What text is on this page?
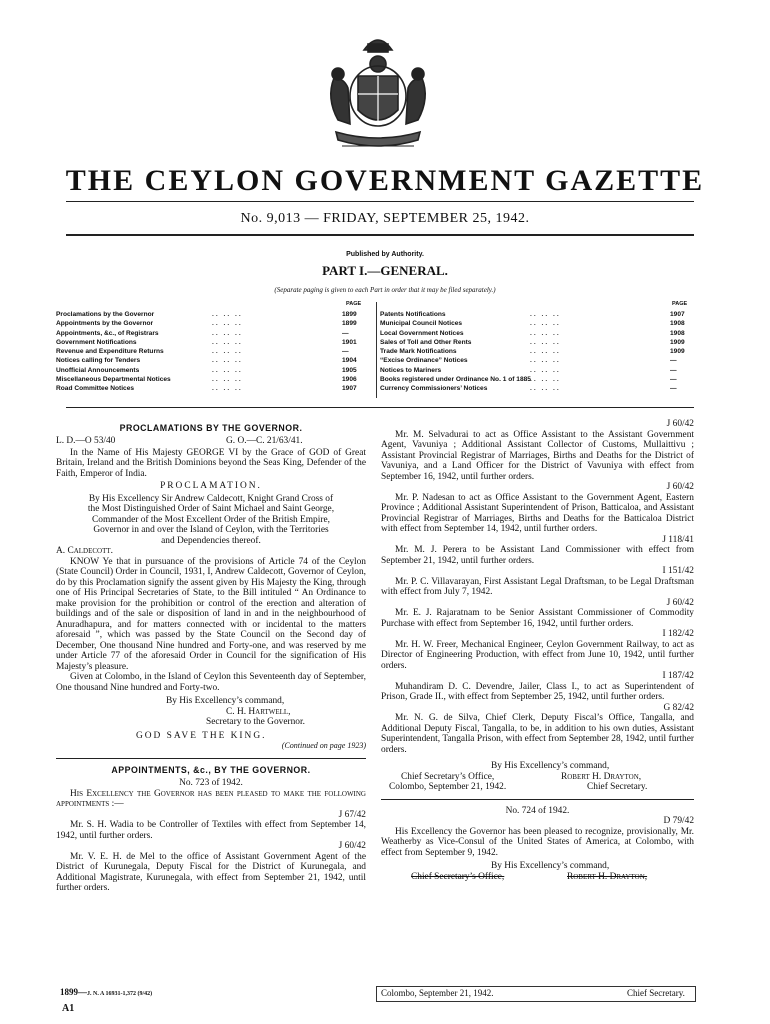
THE CEYLON GOVERNMENT GAZETTE
No. 9,013 — FRIDAY, SEPTEMBER 25, 1942.
Published by Authority.
PART I.—GENERAL.
(Separate paging is given to each Part in order that it may be filed separately.)
PAGE
Proclamations by the Governor	.. .. ..	1899
Appointments by the Governor	.. .. ..	1899
Appointments, &c., of Registrars	.. .. ..	—
Government Notifications	.. .. ..	1901
Revenue and Expenditure Returns	.. .. ..	—
Notices calling for Tenders	.. .. ..	1904
Unofficial Announcements	.. .. ..	1905
Miscellaneous Departmental Notices	.. .. ..	1906
Road Committee Notices	.. .. ..	1907
PAGE
Patents Notifications	.. .. ..	1907
Municipal Council Notices	.. .. ..	1908
Local Government Notices	.. .. ..	1908
Sales of Toll and Other Rents	.. .. ..	1909
Trade Mark Notifications	.. .. ..	1909
“Excise Ordinance” Notices	.. .. ..	—
Notices to Mariners	.. .. ..	—
Books registered under Ordinance No. 1 of 1885 .. .. ..	—
Currency Commissioners’ Notices	.. .. ..	—
PROCLAMATIONS BY THE GOVERNOR.
L. D.—O 53/40	G. O.—C. 21/63/41.

In the Name of His Majesty GEORGE VI by the Grace of GOD of Great Britain, Ireland and the British Dominions beyond the Seas King, Defender of the Faith, Emperor of India.

PROCLAMATION.
By His Excellency Sir Andrew Caldecott, Knight Grand Cross of the Most Distinguished Order of Saint Michael and Saint George, Commander of the Most Excellent Order of the British Empire, Governor in and over the Island of Ceylon, with the Territories and Dependencies thereof.
A. Caldecott.

KNOW Ye that in pursuance of the provisions of Article 74 of the Ceylon (State Council) Order in Council, 1931, I, Andrew Caldecott, Governor of Ceylon, do by this Proclamation signify the assent given by His Majesty the King, through one of His Principal Secretaries of State, to the Bill intituled “ An Ordinance to make provision for the prohibition or control of the erection and alteration of buildings and of the sale or disposition of land in and in the neighbourhood of Anuradhapura, and for matters connected with or incidental to the matters aforesaid ”, which was passed by the State Council on the Second day of December, One thousand Nine hundred and Forty-one, and was reserved by me under Article 77 of the aforesaid Order in Council for the signification of His Majesty’s pleasure.

Given at Colombo, in the Island of Ceylon this Seventeenth day of September, One thousand Nine hundred and Forty-two.

By His Excellency’s command,
C. H. Hartwell,
Secretary to the Governor.
GOD SAVE THE KING.
(Continued on page 1923)
APPOINTMENTS, &c., BY THE GOVERNOR.
No. 723 of 1942.

His Excellency the Governor has been pleased to make the following appointments :—

J 67/42

Mr. S. H. Wadia to be Controller of Textiles with effect from September 14, 1942, until further orders.

J 60/42

Mr. V. E. H. de Mel to the office of Assistant Government Agent of the District of Kurunegala, Deputy Fiscal for the District of Kurunegala, and Additional Magistrate, Kurunegala, with effect from September 21, 1942, until further orders.

J 60/42

Mr. M. Selvadurai to act as Office Assistant to the Assistant Government Agent, Vavuniya ; Additional Assistant Collector of Customs, Mullaittivu ; Assistant Provincial Registrar of Marriages, Births and Deaths for the District of Vavuniya, and a Land Officer for the District of Vavuniya with effect from September 16, 1942, until further orders.

J 60/42

Mr. P. Nadesan to act as Office Assistant to the Government Agent, Eastern Province ; Additional Assistant Superintendent of Prison, Batticaloa, and Assistant Provincial Registrar of Marriages, Births and Deaths for the Batticaloa District with effect from September 14, 1942, until further orders.

J 118/41

Mr. M. J. Perera to be Assistant Land Commissioner with effect from September 21, 1942, until further orders.

I 151/42

Mr. P. C. Villavarayan, First Assistant Legal Draftsman, to be Legal Draftsman with effect from July 7, 1942.

J 60/42

Mr. E. J. Rajaratnam to be Senior Assistant Commissioner of Commodity Purchase with effect from September 16, 1942, until further orders.

I 182/42

Mr. H. W. Freer, Mechanical Engineer, Ceylon Government Railway, to act as Director of Engineering Production, with effect from June 10, 1942, until further orders.

I 187/42

Muhandiram D. C. Devendre, Jailer, Class I., to act as Superintendent of Prison, Grade II., with effect from September 25, 1942, until further orders.

G 82/42

Mr. N. G. de Silva, Chief Clerk, Deputy Fiscal’s Office, Tangalla, and Additional Deputy Fiscal, Tangalla, to be, in addition to his own duties, Assistant Superintendent, Tangalla Prison, with effect from September 28, 1942, until further orders.

By His Excellency’s command,
Chief Secretary’s Office,	Robert H. Drayton,
Colombo, September 21, 1942.	Chief Secretary.
No. 724 of 1942.
D 79/42

His Excellency the Governor has been pleased to recognize, provisionally, Mr. Weatherby as Vice-Consul of the United States of America, at Colombo, with effect from September 9, 1942.

By His Excellency’s command,
Chief Secretary’s Office,	Robert H. Drayton,
Colombo, September 21, 1942.	Chief Secretary.
1899—J. N. A 16931-1,372 (9/42)
A1
